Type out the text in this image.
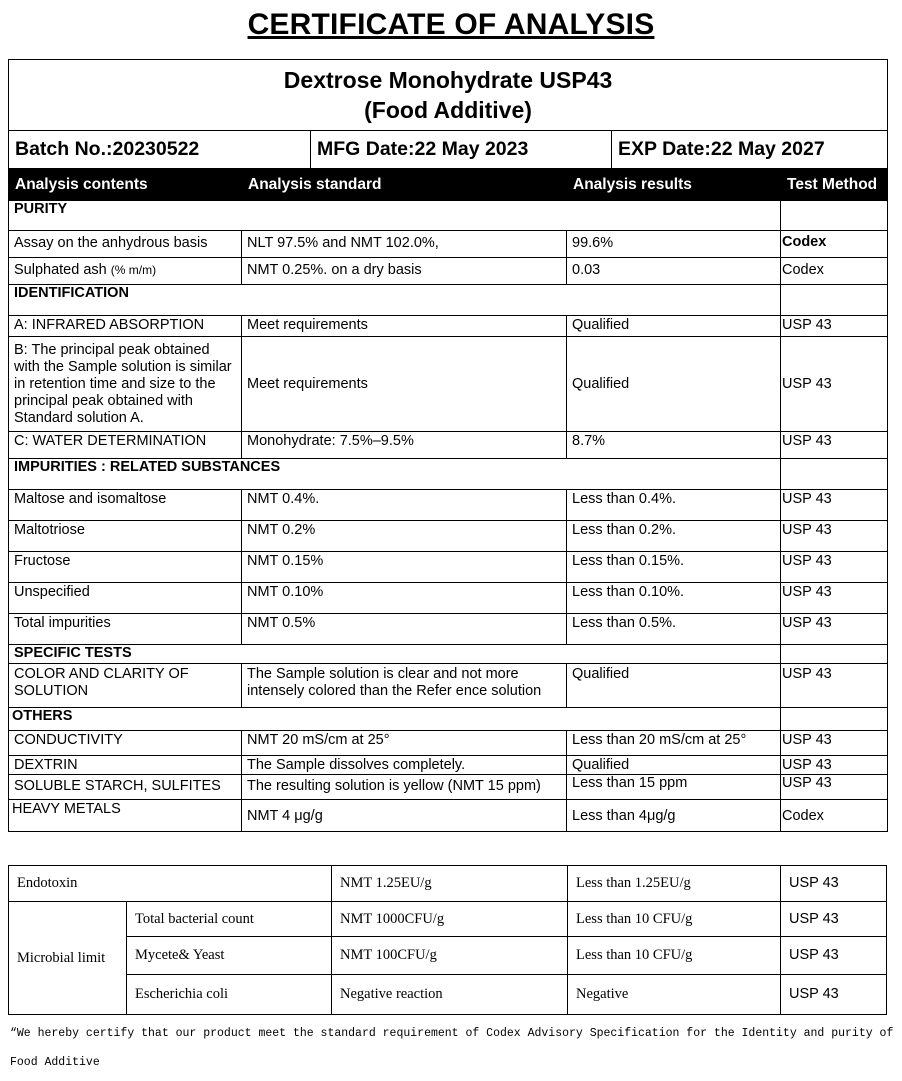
CERTIFICATE OF ANALYSIS
Dextrose Monohydrate USP43
(Food Additive)					

Batch No.:20230522		MFG Date:22 May 2023		EXP Date:22 May 2027	
Analysis contents	Analysis standard		Analysis results		Test Method
PURITY					
Assay on the anhydrous basis	NLT 97.5% and NMT 102.0%,		99.6%		Codex
Sulphated ash (% m/m)	NMT 0.25%. on a dry basis		0.03		Codex
IDENTIFICATION					
A: INFRARED ABSORPTION	Meet requirements		Qualified		USP 43
B: The principal peak obtained with the Sample solution is similar in retention time and size to the principal peak obtained with Standard solution A.	Meet requirements		Qualified		USP 43
C: WATER DETERMINATION	Monohydrate: 7.5%–9.5%		8.7%		USP 43
IMPURITIES : RELATED SUBSTANCES					
Maltose and isomaltose	NMT 0.4%.		Less than 0.4%.		USP 43
Maltotriose	NMT 0.2%		Less than 0.2%.		USP 43
Fructose	NMT 0.15%		Less than 0.15%.		USP 43
Unspecified	NMT 0.10%		Less than 0.10%.		USP 43
Total impurities	NMT 0.5%		Less than 0.5%.		USP 43
SPECIFIC TESTS					
COLOR AND CLARITY OF SOLUTION	The Sample solution is clear and not more intensely colored than the Refer ence solution		Qualified		USP 43
OTHERS					
CONDUCTIVITY	NMT 20 mS/cm at 25°		Less than 20 mS/cm at 25°		USP 43
DEXTRIN	The Sample dissolves completely.		Qualified		USP 43
SOLUBLE STARCH, SULFITES	The resulting solution is yellow (NMT 15 ppm)		Less than 15 ppm		USP 43
HEAVY METALS	NMT 4 μg/g		Less than 4μg/g		Codex
Endotoxin		NMT 1.25EU/g	Less than 1.25EU/g	USP 43
Microbial limit	Total bacterial count	NMT 1000CFU/g	Less than 10 CFU/g	USP 43
	Mycete& Yeast	NMT 100CFU/g	Less than 10 CFU/g	USP 43
	Escherichia coli	Negative reaction	Negative	USP 43
“We hereby certify that our product meet the standard requirement of Codex Advisory Specification for the Identity and purity of
Food Additive
